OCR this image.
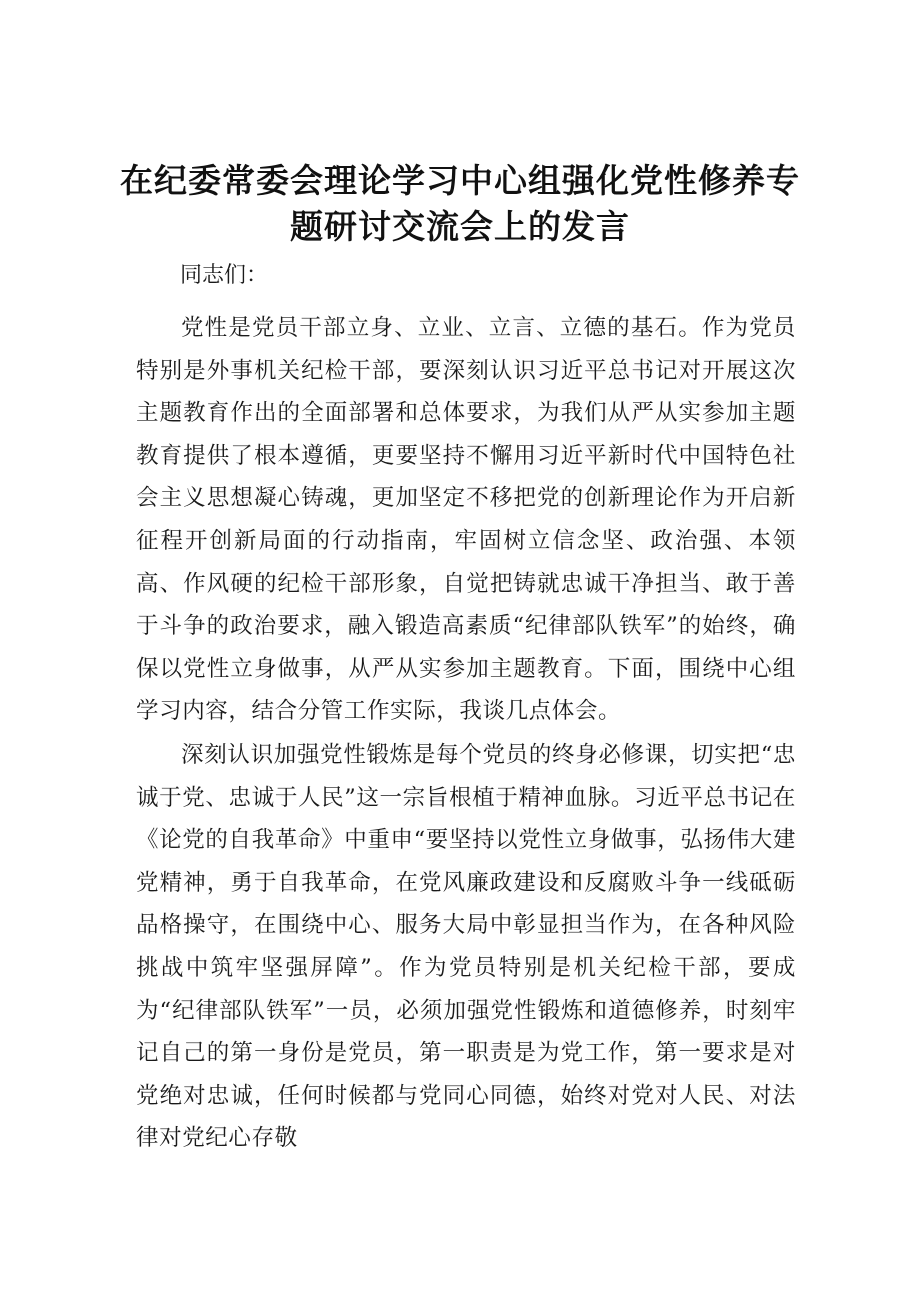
在纪委常委会理论学习中心组强化党性修养专
题研讨交流会上的发言

同志们：

党性是党员干部立身、立业、立言、立德的基石。作为党员特别是外事机关纪检干部，要深刻认识习近平总书记对开展这次主题教育作出的全面部署和总体要求，为我们从严从实参加主题教育提供了根本遵循，更要坚持不懈用习近平新时代中国特色社会主义思想凝心铸魂，更加坚定不移把党的创新理论作为开启新征程开创新局面的行动指南，牢固树立信念坚、政治强、本领高、作风硬的纪检干部形象，自觉把铸就忠诚干净担当、敢于善于斗争的政治要求，融入锻造高素质“纪律部队铁军”的始终，确保以党性立身做事，从严从实参加主题教育。下面，围绕中心组学习内容，结合分管工作实际，我谈几点体会。

深刻认识加强党性锻炼是每个党员的终身必修课，切实把“忠诚于党、忠诚于人民”这一宗旨根植于精神血脉。习近平总书记在《论党的自我革命》中重申“要坚持以党性立身做事，弘扬伟大建党精神，勇于自我革命，在党风廉政建设和反腐败斗争一线砥砺品格操守，在围绕中心、服务大局中彰显担当作为，在各种风险挑战中筑牢坚强屏障”。作为党员特别是机关纪检干部，要成为“纪律部队铁军”一员，必须加强党性锻炼和道德修养，时刻牢记自己的第一身份是党员，第一职责是为党工作，第一要求是对党绝对忠诚，任何时候都与党同心同德，始终对党对人民、对法律对党纪心存敬
